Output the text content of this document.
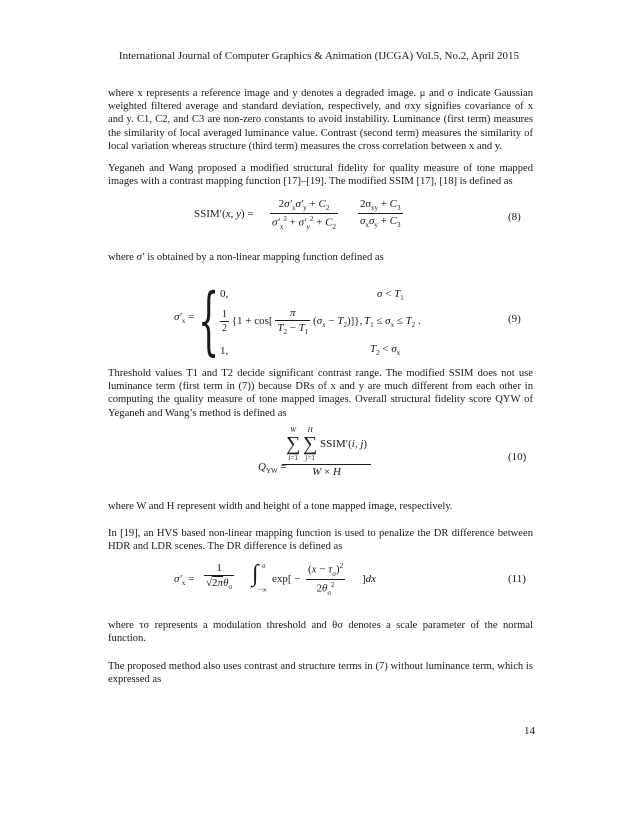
International Journal of Computer Graphics & Animation (IJCGA) Vol.5, No.2, April 2015

where x represents a reference image and y denotes a degraded image. μ and σ indicate Gaussian weighted filtered average and standard deviation, respectively, and σxy signifies covariance of x and y. C1, C2, and C3 are non-zero constants to avoid instability. Luminance (first term) measures the similarity of local averaged luminance value. Contrast (second term) measures the similarity of local variation whereas structure (third term) measures the cross correlation between x and y.

Yeganeh and Wang proposed a modified structural fidelity for quality measure of tone mapped images with a contrast mapping function [17]–[19]. The modified SSIM [17], [18] is defined as

SSIM′(x, $y) = \frac{2\sigma'_x\sigma'_y + C_2}{\sigma'_x^2 + \sigma'_y^2 + C_2} 2\sigma_{xy} + C_3$
$\sigma_x\sigma_y + C_3$
(8)

where σ′ is obtained by a non-linear mapping function defined as

$\sigma'_x$ = { 0,
$\frac{1}{2} \{1 + \cos[ \frac{\pi}{T_2 - T_1} (\sigma_x - T_2)]\}$,
1,
$\sigma < T_1$
$T_1 \le \sigma_x \le T_2$ .
$T_2 < \sigma_x$
(9)

Threshold values T1 and T2 decide significant contrast range. The modified SSIM does not use luminance term (first term in (7)) because DRs of x and y are much different from each other in computing the quality measure of tone mapped images. Overall structural fidelity score QYW of Yeganeh and Wang’s method is defined as

$Q_{YW}$ =
W
∑
i=1

H
∑
j=1
SSIM′(i, j)
W × H
(10)

where W and H represent width and height of a tone mapped image, respectively.

In [19], an HVS based non-linear mapping function is used to penalize the DR difference between HDR and LDR scenes. The DR difference is defined as

$\sigma'_x$ =
1
$√2\pi\theta_\sigma$
∫ σ
−∞
$\exp[ - \frac{(x - \tau_\sigma)^2}{2\theta_\sigma^2} ]dx$	(11)

where τσ represents a modulation threshold and θσ denotes a scale parameter of the normal function.

The proposed method also uses contrast and structure terms in (7) without luminance term, which is expressed as

14
